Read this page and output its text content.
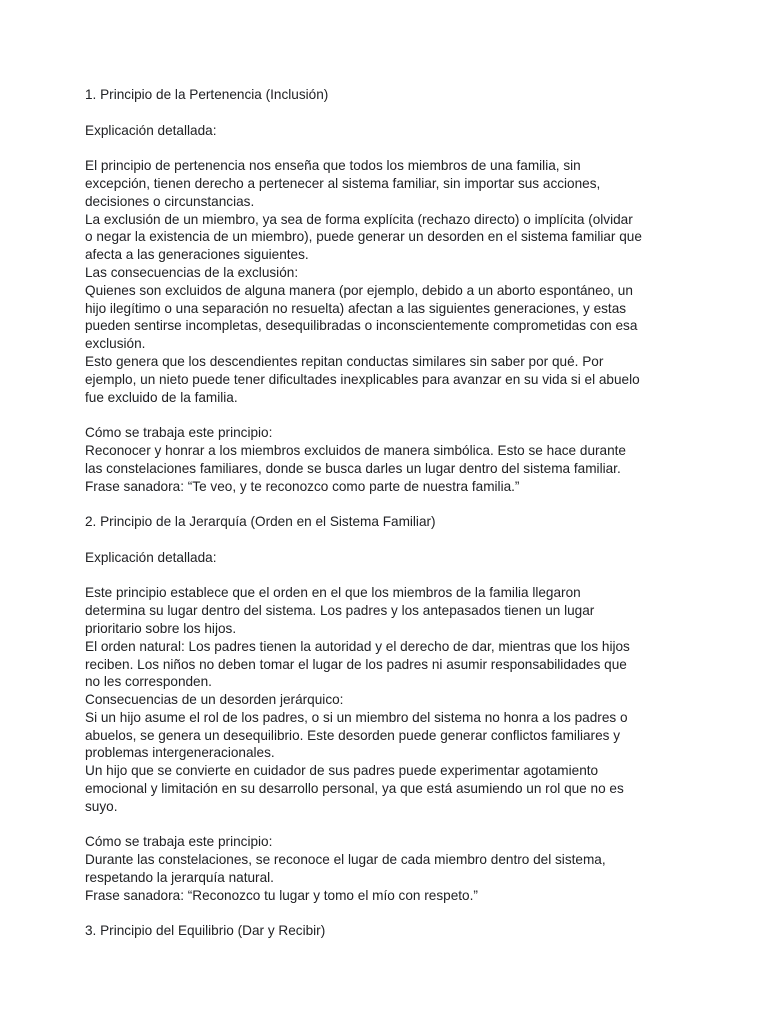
1. Principio de la Pertenencia (Inclusión)

Explicación detallada:

El principio de pertenencia nos enseña que todos los miembros de una familia, sin

excepción, tienen derecho a pertenecer al sistema familiar, sin importar sus acciones,

decisiones o circunstancias.

La exclusión de un miembro, ya sea de forma explícita (rechazo directo) o implícita (olvidar

o negar la existencia de un miembro), puede generar un desorden en el sistema familiar que

afecta a las generaciones siguientes.

Las consecuencias de la exclusión:

Quienes son excluidos de alguna manera (por ejemplo, debido a un aborto espontáneo, un

hijo ilegítimo o una separación no resuelta) afectan a las siguientes generaciones, y estas

pueden sentirse incompletas, desequilibradas o inconscientemente comprometidas con esa

exclusión.

Esto genera que los descendientes repitan conductas similares sin saber por qué. Por

ejemplo, un nieto puede tener dificultades inexplicables para avanzar en su vida si el abuelo

fue excluido de la familia.

Cómo se trabaja este principio:

Reconocer y honrar a los miembros excluidos de manera simbólica. Esto se hace durante

las constelaciones familiares, donde se busca darles un lugar dentro del sistema familiar.

Frase sanadora: “Te veo, y te reconozco como parte de nuestra familia.”

2. Principio de la Jerarquía (Orden en el Sistema Familiar)

Explicación detallada:

Este principio establece que el orden en el que los miembros de la familia llegaron

determina su lugar dentro del sistema. Los padres y los antepasados tienen un lugar

prioritario sobre los hijos.

El orden natural: Los padres tienen la autoridad y el derecho de dar, mientras que los hijos

reciben. Los niños no deben tomar el lugar de los padres ni asumir responsabilidades que

no les corresponden.

Consecuencias de un desorden jerárquico:

Si un hijo asume el rol de los padres, o si un miembro del sistema no honra a los padres o

abuelos, se genera un desequilibrio. Este desorden puede generar conflictos familiares y

problemas intergeneracionales.

Un hijo que se convierte en cuidador de sus padres puede experimentar agotamiento

emocional y limitación en su desarrollo personal, ya que está asumiendo un rol que no es

suyo.

Cómo se trabaja este principio:

Durante las constelaciones, se reconoce el lugar de cada miembro dentro del sistema,

respetando la jerarquía natural.

Frase sanadora: “Reconozco tu lugar y tomo el mío con respeto.”

3. Principio del Equilibrio (Dar y Recibir)
